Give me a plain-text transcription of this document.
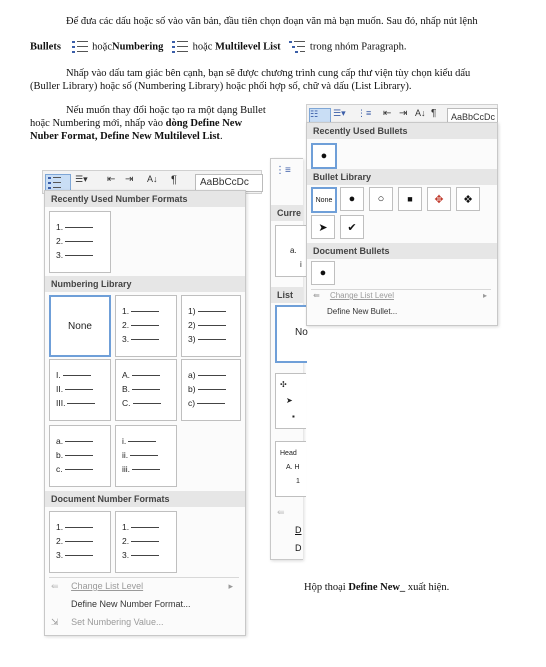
Để đưa các dấu hoặc số vào văn bản, đầu tiên chọn đoạn văn mà bạn muốn. Sau đó, nhấp nút lệnh
Bullets	hoặcNumbering	hoặc Multilevel List	trong nhóm Paragraph.
Nhấp vào dấu tam giác bên cạnh, bạn sẽ được chương trình cung cấp thư viện tùy chọn kiểu dấu
(Buller Library) hoặc số (Numbering Library) hoặc phối hợp số, chữ và dấu (List Library).
Nếu muốn thay đổi hoặc tạo ra một dạng Bullet
hoặc Numbering mới, nhấp vào dòng Define New
Nuber Format, Define New Multilevel List.
☰▾	⇤ ⇥	A↓	¶	AaBbCcDc
Recently Used Number Formats
1.
2.
3.
Numbering Library
None
1.
2.
3.
1)
2)
3)
I.
II.
III.
A.
B.
C.
a)
b)
c)
a.
b.
c.
i.
ii.
iii.
Document Number Formats
1.
2.
3.
1.
2.
3.
⇚ Change List Level	▸
Define New Number Format...
⇲ Set Numbering Value...
⋮≡
Curre
a.
i
List
No
✣
➤
▪
Head
A. H
1
⇚
D
D
☷	☰▾	⋮≡	⇤ ⇥ A↓ ¶	AaBbCcDc
Recently Used Bullets
●
Bullet Library
None ● ○	■ ✥ ❖
➤ ✔
Document Bullets
●
⇚ Change List Level	▸
Define New Bullet...
Hộp thoại Define New_ xuất hiện.
